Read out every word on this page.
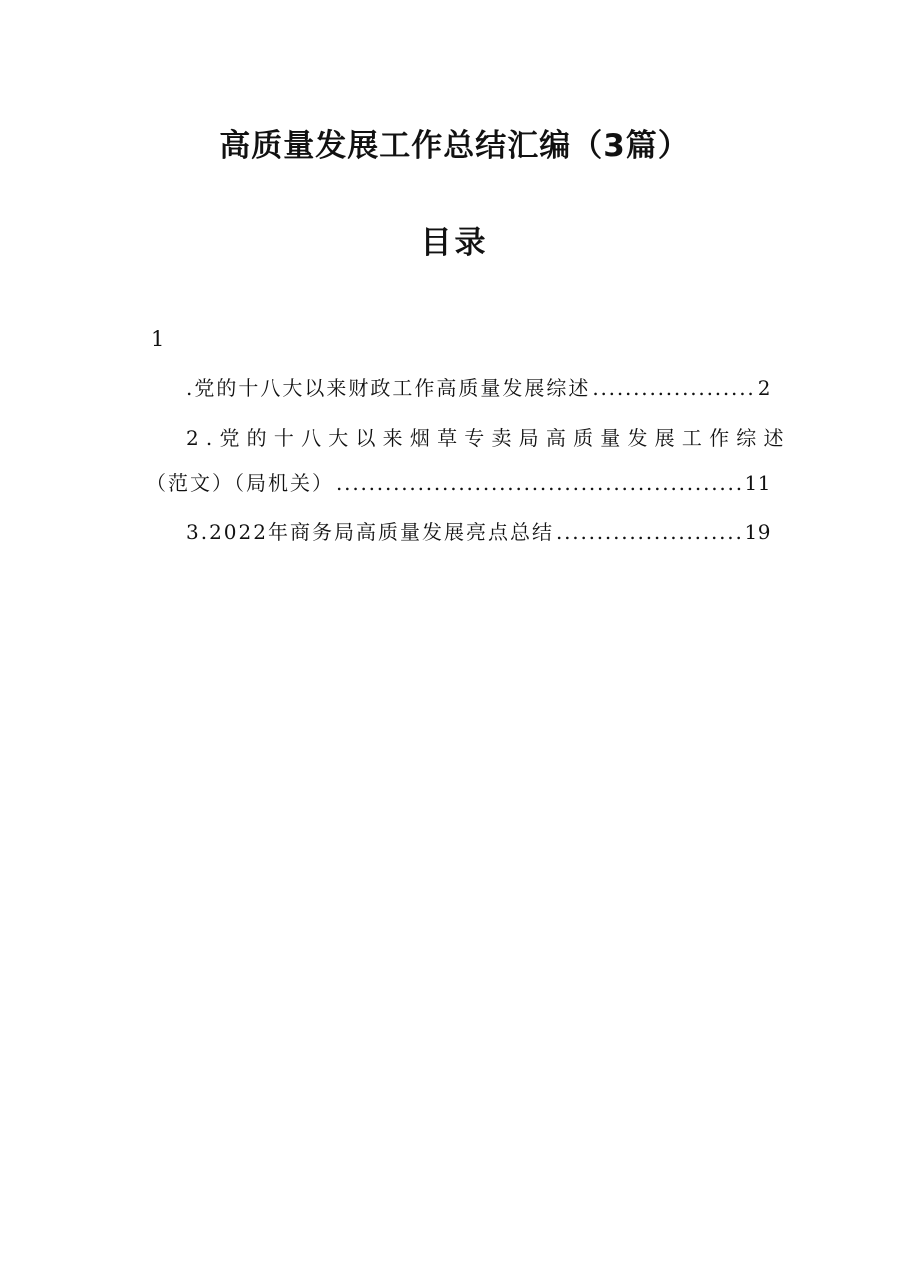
高质量发展工作总结汇编（3篇）
目录
1
.党的十八大以来财政工作高质量发展综述 .....	2
2.党的十八大以来烟草专卖局高质量发展工作综述
（范文）（局机关） .....	11
3.2022年商务局高质量发展亮点总结 .....	19
